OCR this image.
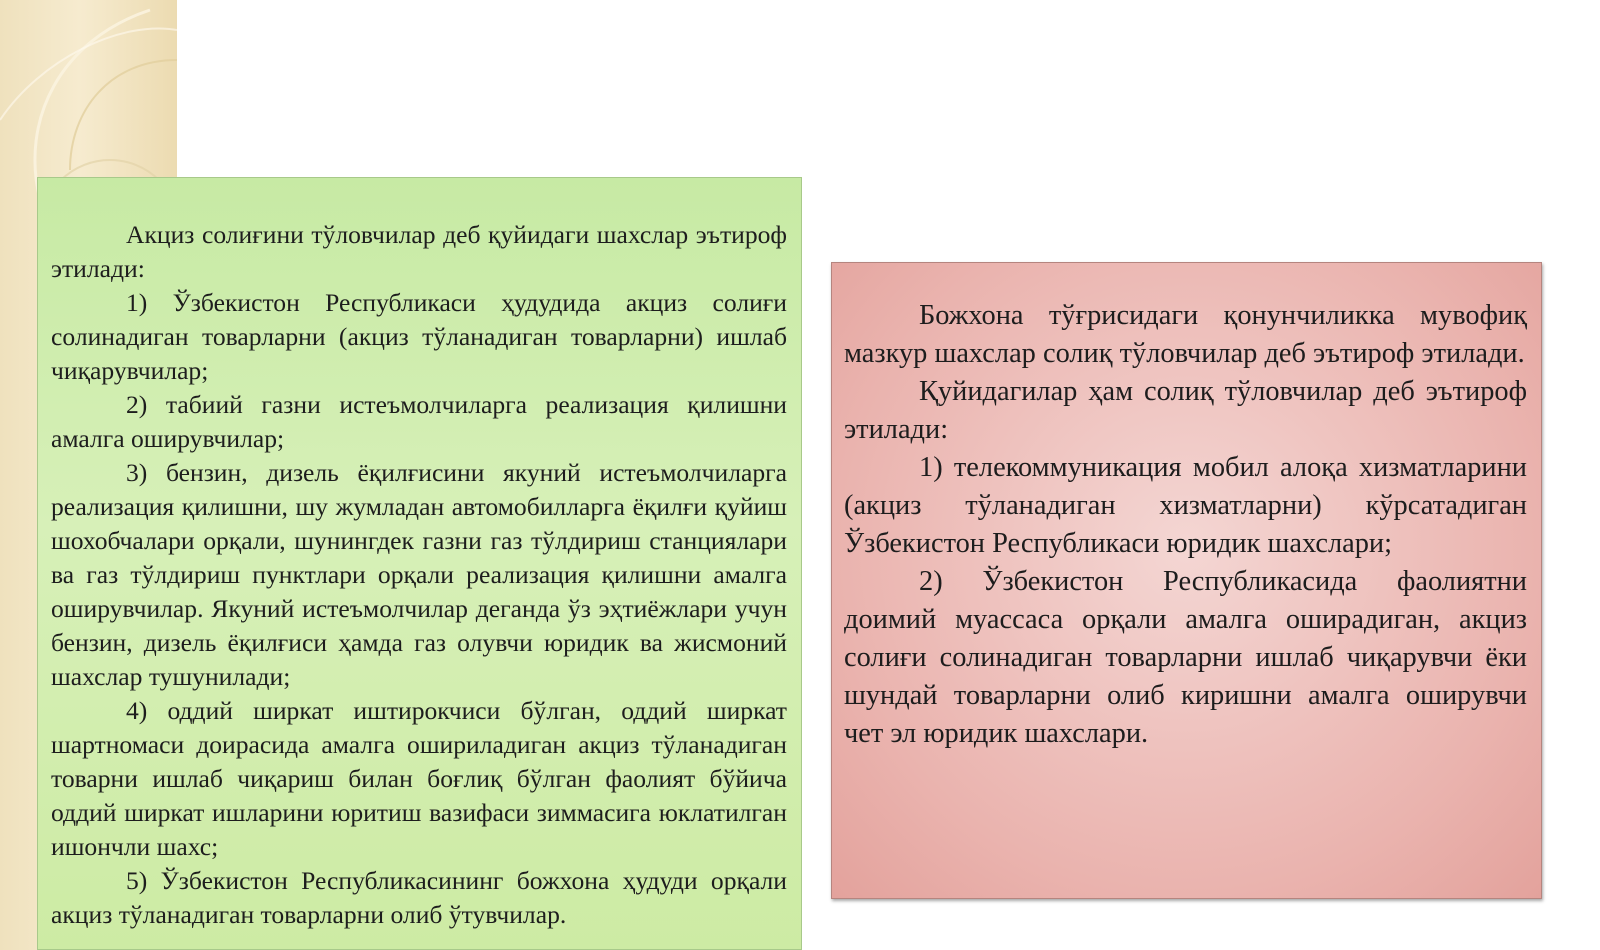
Акциз солиғини тўловчилар деб қуйидаги шахслар эътироф этилади:

1) Ўзбекистон Республикаси ҳудудида акциз солиғи солинадиган товарларни (акциз тўланадиган товарларни) ишлаб чиқарувчилар;

2) табиий газни истеъмолчиларга реализация қилишни амалга оширувчилар;

3) бензин, дизель ёқилғисини якуний истеъмолчиларга реализация қилишни, шу жумладан автомобилларга ёқилғи қуйиш шохобчалари орқали, шунингдек газни газ тўлдириш станциялари ва газ тўлдириш пунктлари орқали реализация қилишни амалга оширувчилар. Якуний истеъмолчилар деганда ўз эҳтиёжлари учун бензин, дизель ёқилғиси ҳамда газ олувчи юридик ва жисмоний шахслар тушунилади;

4) оддий ширкат иштирокчиси бўлган, оддий ширкат шартномаси доирасида амалга ошириладиган акциз тўланадиган товарни ишлаб чиқариш билан боғлиқ бўлган фаолият бўйича оддий ширкат ишларини юритиш вазифаси зиммасига юклатилган ишончли шахс;

5) Ўзбекистон Республикасининг божхона ҳудуди орқали акциз тўланадиган товарларни олиб ўтувчилар.

Божхона тўғрисидаги қонунчиликка мувофиқ мазкур шахслар солиқ тўловчилар деб эътироф этилади.

Қуйидагилар ҳам солиқ тўловчилар деб эътироф этилади:

1) телекоммуникация мобил алоқа хизматларини (акциз тўланадиган хизматларни) кўрсатадиган Ўзбекистон Республикаси юридик шахслари;

2) Ўзбекистон Республикасида фаолиятни доимий муассаса орқали амалга оширадиган, акциз солиғи солинадиган товарларни ишлаб чиқарувчи ёки шундай товарларни олиб киришни амалга оширувчи чет эл юридик шахслари.
